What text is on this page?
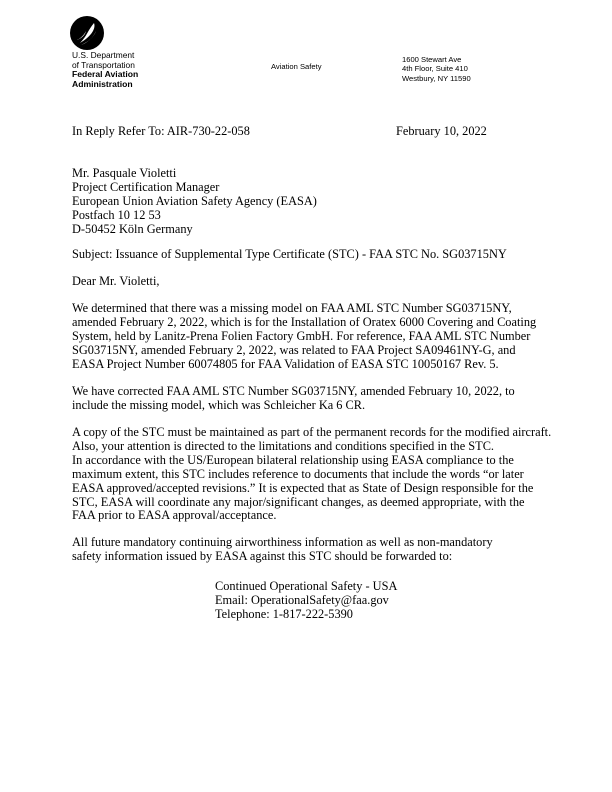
U.S. Department
of Transportation
Federal Aviation
Administration
Aviation Safety
1600 Stewart Ave
4th Floor, Suite 410
Westbury, NY 11590
In Reply Refer To: AIR-730-22-058	February 10, 2022
Mr. Pasquale Violetti
Project Certification Manager
European Union Aviation Safety Agency (EASA)
Postfach 10 12 53
D-50452 Köln Germany
Subject: Issuance of Supplemental Type Certificate (STC) - FAA STC No. SG03715NY
Dear Mr. Violetti,
We determined that there was a missing model on FAA AML STC Number SG03715NY,
amended February 2, 2022, which is for the Installation of Oratex 6000 Covering and Coating
System, held by Lanitz-Prena Folien Factory GmbH. For reference, FAA AML STC Number
SG03715NY, amended February 2, 2022, was related to FAA Project SA09461NY-G, and
EASA Project Number 60074805 for FAA Validation of EASA STC 10050167 Rev. 5.
We have corrected FAA AML STC Number SG03715NY, amended February 10, 2022, to
include the missing model, which was Schleicher Ka 6 CR.
A copy of the STC must be maintained as part of the permanent records for the modified aircraft.
Also, your attention is directed to the limitations and conditions specified in the STC.
In accordance with the US/European bilateral relationship using EASA compliance to the
maximum extent, this STC includes reference to documents that include the words “or later
EASA approved/accepted revisions.” It is expected that as State of Design responsible for the
STC, EASA will coordinate any major/significant changes, as deemed appropriate, with the
FAA prior to EASA approval/acceptance.
All future mandatory continuing airworthiness information as well as non-mandatory
safety information issued by EASA against this STC should be forwarded to:
Continued Operational Safety - USA
Email: OperationalSafety@faa.gov
Telephone: 1-817-222-5390
